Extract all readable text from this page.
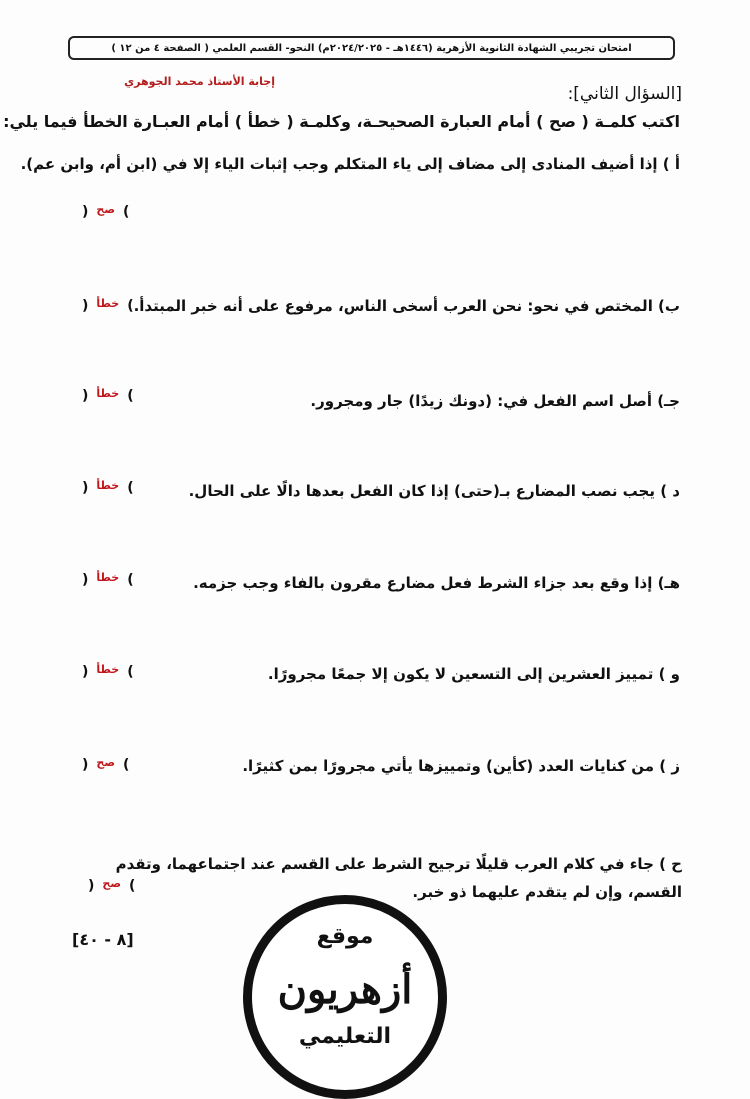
امتحان تجريبي الشهادة الثانوية الأزهرية (١٤٤٦هـ - ٢٠٢٤/٢٠٢٥م) النحو- القسم العلمي ( الصفحة ٤ من ١٢ )
إجابة الأستاذ محمد الجوهري
[السؤال الثاني]:
اكتب كلمـة ( صح ) أمام العبارة الصحيحـة، وكلمـة ( خطأ ) أمام العبـارة الخطأ فيما يلي:
أ ) إذا أضيف المنادى إلى مضاف إلى ياء المتكلم وجب إثبات الياء إلا في (ابن أم، وابن عم).
) $^{صح}$ (
ب) المختص في نحو: نحن العرب أسخى الناس، مرفوع على أنه خبر المبتدأ.
) $^{خطأ}$ (
جـ) أصل اسم الفعل في: (دونك زيدًا) جار ومجرور.
) $^{خطأ}$ (
د ) يجب نصب المضارع بـ(حتى) إذا كان الفعل بعدها دالًا على الحال.
) $^{خطأ}$ (
هـ) إذا وقع بعد جزاء الشرط فعل مضارع مقرون بالفاء وجب جزمه.
) $^{خطأ}$ (
و ) تمييز العشرين إلى التسعين لا يكون إلا جمعًا مجرورًا.
) $^{خطأ}$ (
ز ) من كنايات العدد (كأين) وتمييزها يأتي مجرورًا بمن كثيرًا.
) $^{صح}$ (
ح ) جاء في كلام العرب قليلًا ترجيح الشرط على القسم عند اجتماعهما، وتقدم القسم، وإن لم يتقدم عليهما ذو خبر.
) $^{صح}$ (
[٨ - ٤٠]	موقع
أزهريون
التعليمي
